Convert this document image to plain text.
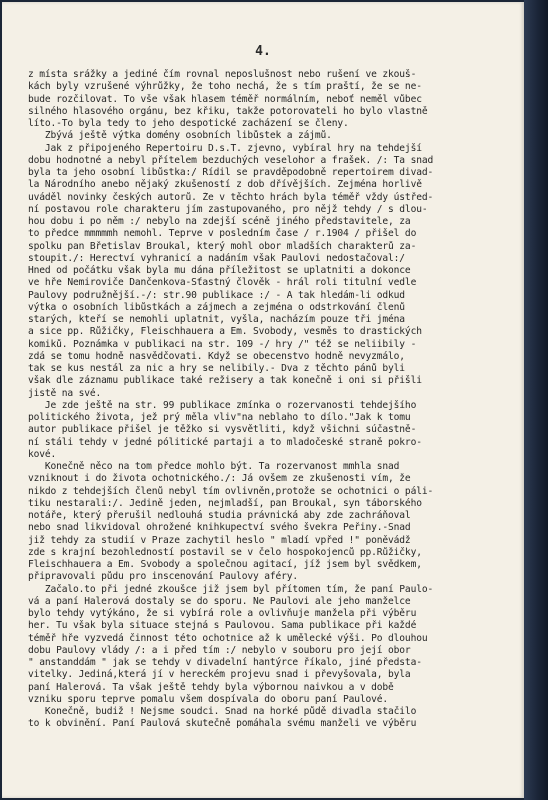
4.
z místa srážky a jediné čím rovnal neposlušnost nebo rušení ve zkouš-
kách byly vzrušené výhrůžky, že toho nechá, že s tím praští, že se ne-
bude rozčilovat. To vše však hlasem téměř normálním, neboť neměl vůbec
silného hlasového orgánu, bez křiku, takže potorovateli ho bylo vlastně
líto.-To byla tedy to jeho despotické zacházení se členy.
Zbývá ještě výtka domény osobních libůstek a zájmů.
Jak z připojeného Repertoiru D.s.T. zjevno, vybíral hry na tehdejší
dobu hodnotné a nebyl přítelem bezduchých veselohor a frašek. /: Ta snad
byla ta jeho osobní libůstka:/ Řídil se pravděpodobně repertoirem divad-
la Národního anebo nějaký zkušeností z dob dřívějších. Zejména horlivě
uváděl novinky českých autorů. Že v těchto hrách byla téměř vždy ústřed-
ní postavou role charakteru jím zastupovaného, pro nějž tehdy / s dlou-
hou dobu i po něm :/ nebylo na zdejší scéně jiného představitele, za
to předce mmmmmh nemohl. Teprve v posledním čase / r.1904 / přišel do
spolku pan Břetislav Broukal, který mohl obor mladších charakterů za-
stoupit./: Herectví vyhranicí a nadáním však Paulovi nedostačoval:/
Hned od počátku však byla mu dána příležitost se uplatniti a dokonce
ve hře Nemiroviče Dančenkova-Šťastný člověk - hrál roli titulní vedle
Paulovy podružnější.-/: str.90 publikace :/ - A tak hledám-li odkud
výtka o osobních libůstkách a zájmech a zejména o odstrkování členů
starých, kteří se nemohli uplatnit, vyšla, nacházím pouze tři jména
a sice pp. Růžičky, Fleischhauera a Em. Svobody, vesměs to drastických
komiků. Poznámka v publikaci na str. 109 -/ hry /" též se neliibily -
zdá se tomu hodně nasvědčovati. Když se obecenstvo hodně nevyzmálo,
tak se kus nestál za nic a hry se nelibily.- Dva z těchto pánů byli
však dle záznamu publikace také režisery a tak konečně i oni si přišli
jistě na své.
Je zde ještě na str. 99 publikace zmínka o rozervanosti tehdejšího
politického života, jež prý měla vliv"na neblaho to dílo."Jak k tomu
autor publikace přišel je těžko si vysvětliti, když všichni súčastně-
ní stáli tehdy v jedné pólitické partaji a to mladočeské straně pokro-
kové.
Konečně něco na tom předce mohlo být. Ta rozervanost mmhla snad
vzniknout i do života ochotnického./: Já ovšem ze zkušenosti vím, že
nikdo z tehdejších členů nebyl tím ovlivněn,protože se ochotnici o páli-
tiku nestarali:/. Jedině jeden, nejmladší, pan Broukal, syn táborského
notáře, který přerušil nedlouhá studia právnická aby zde zachráňoval
nebo snad likvidoval ohrožené knihkupectví svého švekra Peřiny.-Snad
již tehdy za studií v Praze zachytil heslo " mladí vpřed !" poněvádž
zde s krajní bezohledností postavil se v čelo hospokojenců pp.Růžičky,
Fleischhauera a Em. Svobody a společnou agitací, jíž jsem byl svědkem,
připravovali půdu pro inscenování Paulovy aféry.
Začalo.to při jedné zkoušce již jsem byl přítomen tím, že paní Paulo-
vá a paní Halerová dostaly se do sporu. Ne Paulovi ale jeho manželce
bylo tehdy vytýkáno, že si vybírá role a ovlivňuje manžela při výběru
her. Tu však byla situace stejná s Paulovou. Sama publikace při každé
téměř hře vyzvedá činnost této ochotnice až k umělecké výši. Po dlouhou
dobu Paulovy vlády /: a i před tím :/ nebylo v souboru pro její obor
" anstanddám " jak se tehdy v divadelní hantýrce říkalo, jiné předsta-
vitelky. Jediná,která jí v hereckém projevu snad i převyšovala, byla
paní Halerová. Ta však ještě tehdy byla výbornou naivkou a v době
vzniku sporu teprve pomalu všem dospívala do oboru paní Paulové.
Konečně, budiž ! Nejsme soudci. Snad na horké půdě divadla stačilo
to k obvinění. Paní Paulová skutečně pomáhala svému manželi ve výběru
